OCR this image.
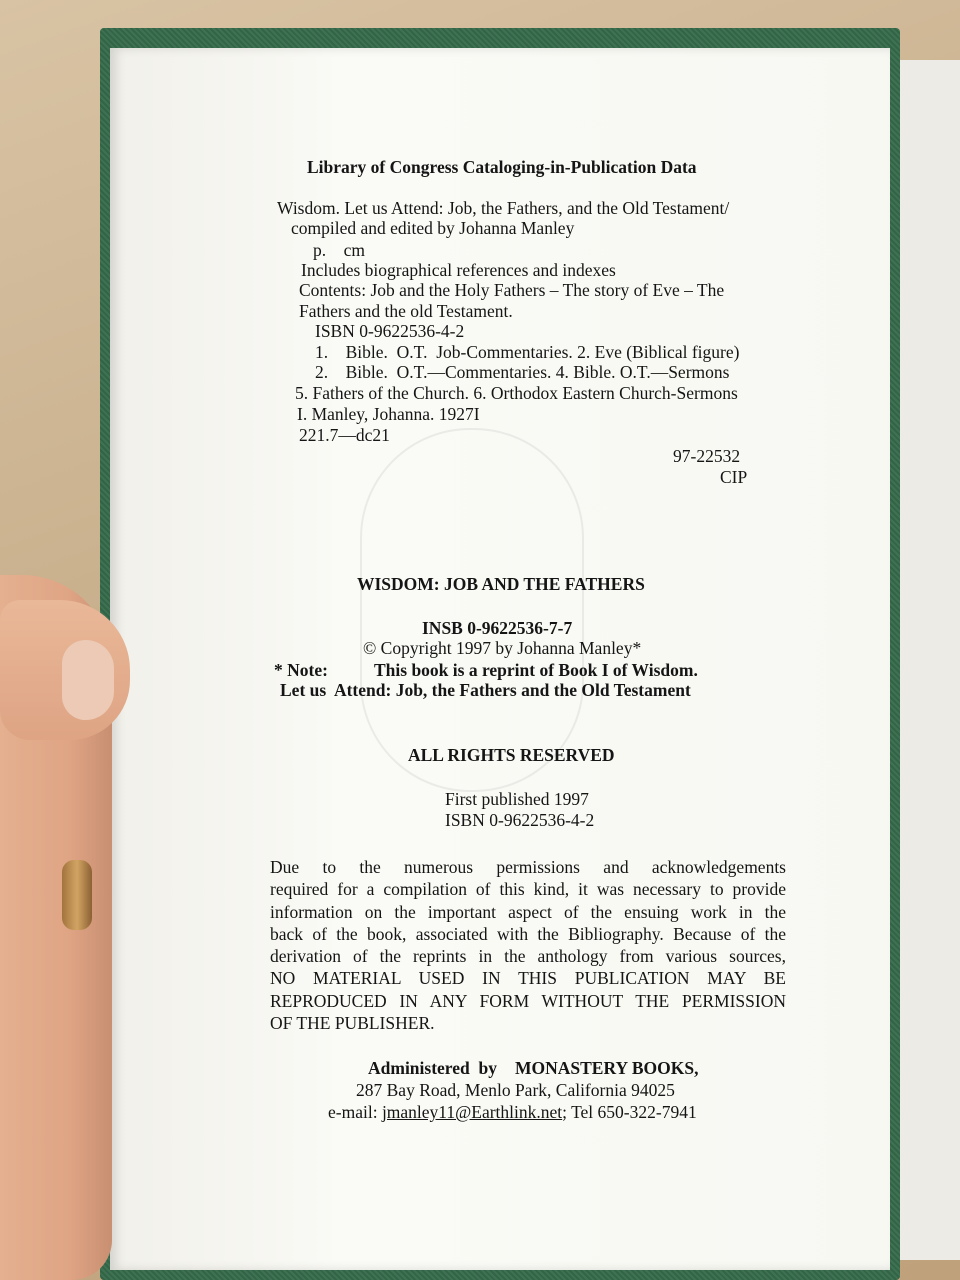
Library of Congress Cataloging-in-Publication Data
Wisdom. Let us Attend: Job, the Fathers, and the Old Testament/
compiled and edited by Johanna Manley
p.    cm
Includes biographical references and indexes
Contents: Job and the Holy Fathers – The story of Eve – The
Fathers and the old Testament.
ISBN 0-9622536-4-2
1.    Bible.  O.T.  Job-Commentaries. 2. Eve (Biblical figure)
2.    Bible.  O.T.—Commentaries. 4. Bible. O.T.—Sermons
5. Fathers of the Church. 6. Orthodox Eastern Church-Sermons
I. Manley, Johanna. 1927I
221.7—dc21
97-22532
CIP
WISDOM: JOB AND THE FATHERS
INSB 0-9622536-7-7
© Copyright 1997 by Johanna Manley*
* Note:	This book is a reprint of Book I of Wisdom.
Let us  Attend: Job, the Fathers and the Old Testament
ALL RIGHTS RESERVED
First published 1997
ISBN 0-9622536-4-2
Due to the numerous permissions and acknowledgements
required for a compilation of this kind, it was necessary to provide
information on the important aspect of the ensuing work in the
back of the book, associated with the Bibliography. Because of the
derivation of the reprints in the anthology from various sources,
NO MATERIAL USED IN THIS PUBLICATION MAY BE
REPRODUCED IN ANY FORM WITHOUT THE PERMISSION
OF THE PUBLISHER.
Administered  by MONASTERY BOOKS,
287 Bay Road, Menlo Park, California 94025
e-mail: jmanley11@Earthlink.net; Tel 650-322-7941
